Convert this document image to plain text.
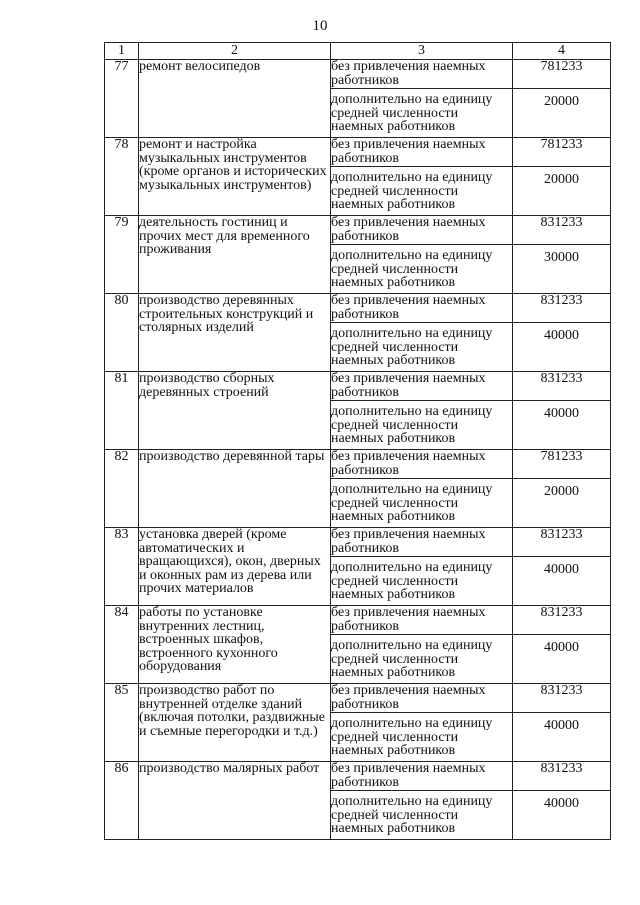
10
1	2	3	4
77	ремонт велосипедов	без привлечения наемных работников	781233
		дополнительно на единицу средней численности наемных работников	20000
78	ремонт и настройка музыкальных инструментов (кроме органов и исторических музыкальных инструментов)	без привлечения наемных работников	781233
		дополнительно на единицу средней численности наемных работников	20000
79	деятельность гостиниц и прочих мест для временного проживания	без привлечения наемных работников	831233
		дополнительно на единицу средней численности наемных работников	30000
80	производство деревянных строительных конструкций и столярных изделий	без привлечения наемных работников	831233
		дополнительно на единицу средней численности наемных работников	40000
81	производство сборных деревянных строений	без привлечения наемных работников	831233
		дополнительно на единицу средней численности наемных работников	40000
82	производство деревянной тары	без привлечения наемных работников	781233
		дополнительно на единицу средней численности наемных работников	20000
83	установка дверей (кроме автоматических и вращающихся), окон, дверных и оконных рам из дерева или прочих материалов	без привлечения наемных работников	831233
		дополнительно на единицу средней численности наемных работников	40000
84	работы по установке внутренних лестниц, встроенных шкафов, встроенного кухонного оборудования	без привлечения наемных работников	831233
		дополнительно на единицу средней численности наемных работников	40000
85	производство работ по внутренней отделке зданий (включая потолки, раздвижные и съемные перегородки и т.д.)	без привлечения наемных работников	831233
		дополнительно на единицу средней численности наемных работников	40000
86	производство малярных работ	без привлечения наемных работников	831233
		дополнительно на единицу средней численности наемных работников	40000
